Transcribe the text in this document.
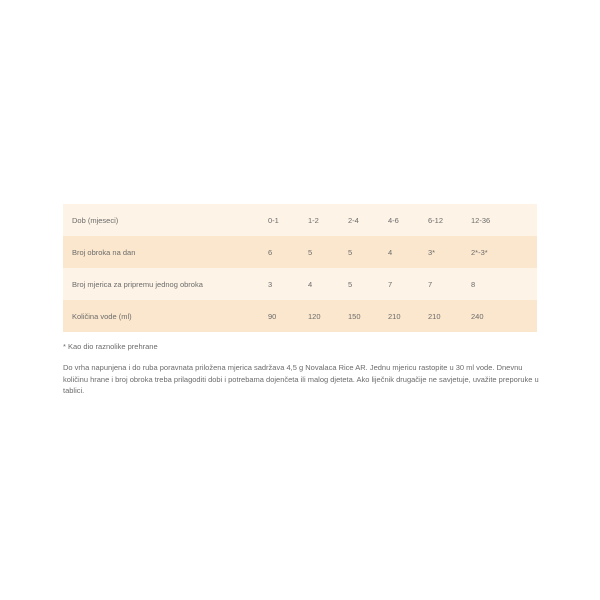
Dob (mjeseci)	0-1	1-2	2-4	4-6	6-12	12-36
Broj obroka na dan	6	5	5	4	3*	2*-3*
Broj mjerica za pripremu jednog obroka	3	4	5	7	7	8
Količina vode (ml)	90	120	150	210	210	240

* Kao dio raznolike prehrane

Do vrha napunjena i do ruba poravnata priložena mjerica sadržava 4,5 g Novalaca Rice AR. Jednu mjericu rastopite u 30 ml vode. Dnevnu količinu hrane i broj obroka treba prilagoditi dobi i potrebama dojenčeta ili malog djeteta. Ako liječnik drugačije ne savjetuje, uvažite preporuke u tablici.
